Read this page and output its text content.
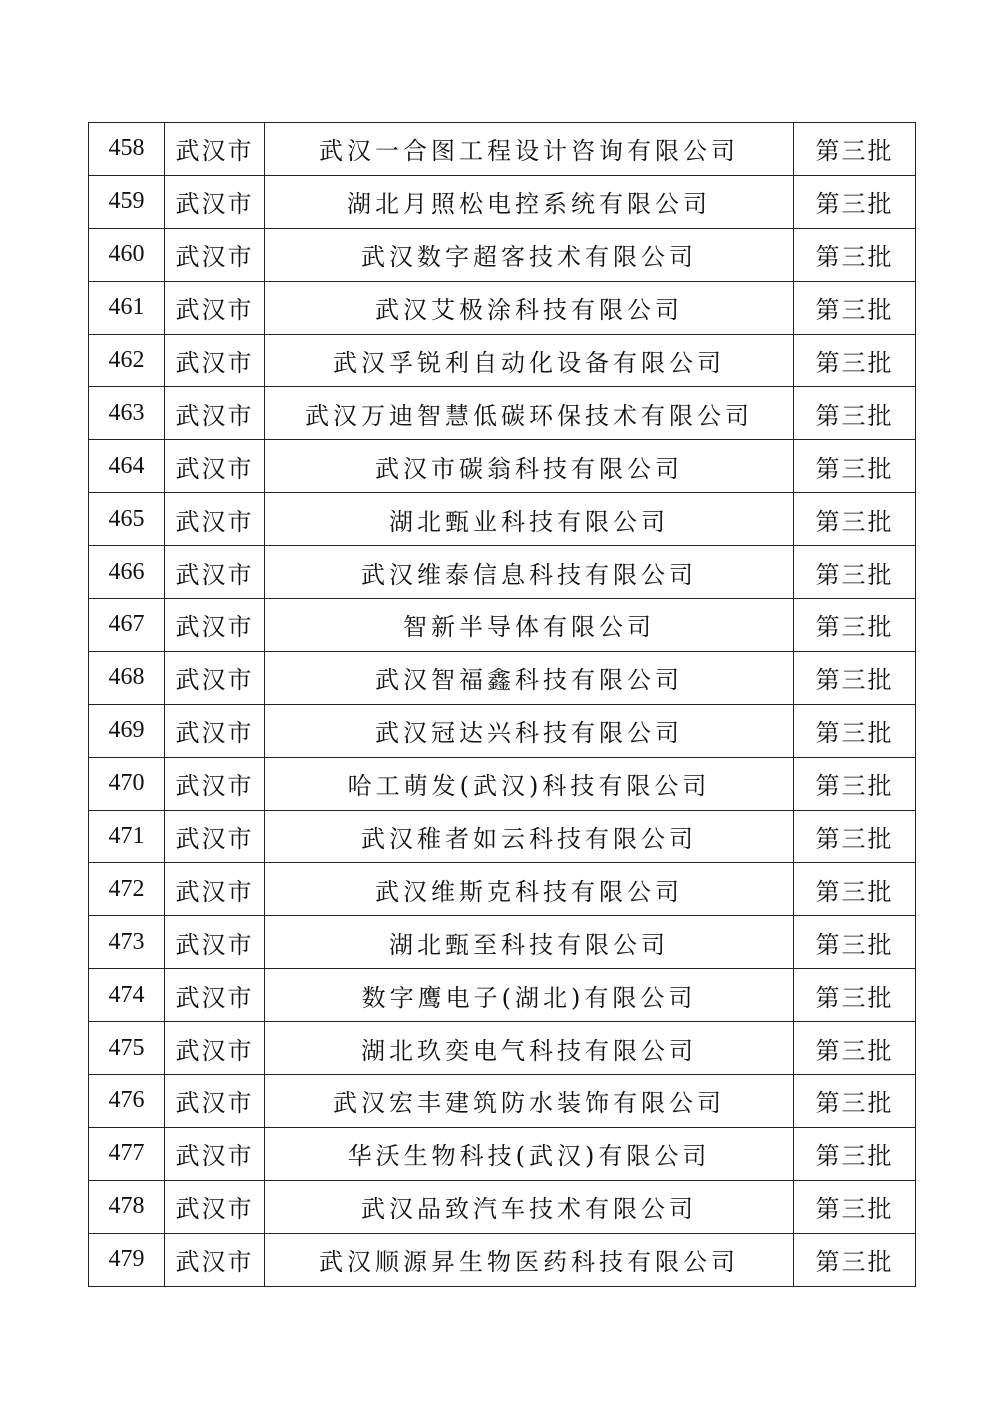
458	武汉市	武汉一合图工程设计咨询有限公司	第三批
459	武汉市	湖北月照松电控系统有限公司	第三批
460	武汉市	武汉数字超客技术有限公司	第三批
461	武汉市	武汉艾极涂科技有限公司	第三批
462	武汉市	武汉孚锐利自动化设备有限公司	第三批
463	武汉市	武汉万迪智慧低碳环保技术有限公司	第三批
464	武汉市	武汉市碳翁科技有限公司	第三批
465	武汉市	湖北甄业科技有限公司	第三批
466	武汉市	武汉维泰信息科技有限公司	第三批
467	武汉市	智新半导体有限公司	第三批
468	武汉市	武汉智福鑫科技有限公司	第三批
469	武汉市	武汉冠达兴科技有限公司	第三批
470	武汉市	哈工萌发(武汉)科技有限公司	第三批
471	武汉市	武汉稚者如云科技有限公司	第三批
472	武汉市	武汉维斯克科技有限公司	第三批
473	武汉市	湖北甄至科技有限公司	第三批
474	武汉市	数字鹰电子(湖北)有限公司	第三批
475	武汉市	湖北玖奕电气科技有限公司	第三批
476	武汉市	武汉宏丰建筑防水装饰有限公司	第三批
477	武汉市	华沃生物科技(武汉)有限公司	第三批
478	武汉市	武汉品致汽车技术有限公司	第三批
479	武汉市	武汉顺源昇生物医药科技有限公司	第三批
